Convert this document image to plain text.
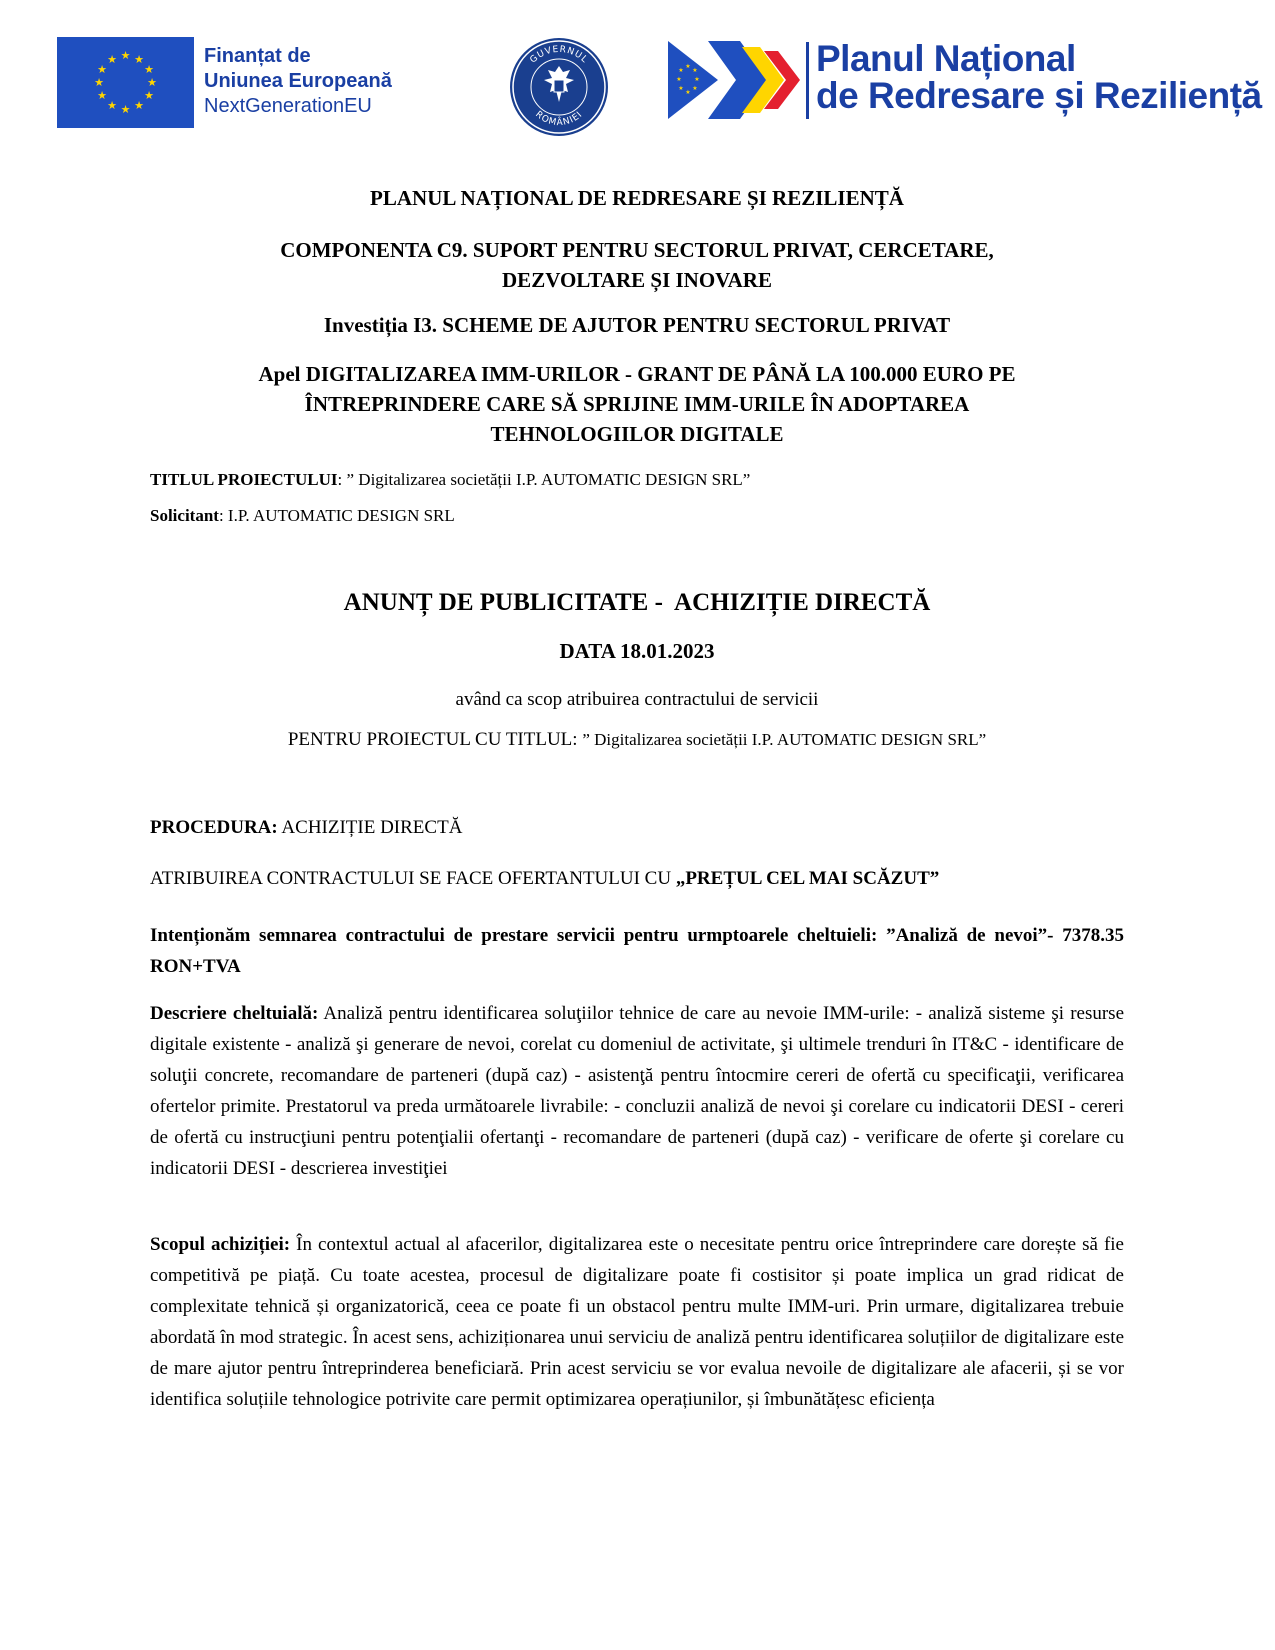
★ ★
★
★
★
★
★
★
★
★
★
★	Finanțat de
Uniunea Europeană
NextGenerationEU
GUVERNUL
ROMÂNIEI
★
★
★
★
★
★
★
★	Planul Național
de Redresare și Reziliență
PLANUL NAȚIONAL DE REDRESARE ȘI REZILIENȚĂ
COMPONENTA C9. SUPORT PENTRU SECTORUL PRIVAT, CERCETARE,
DEZVOLTARE ȘI INOVARE
Investiția I3. SCHEME DE AJUTOR PENTRU SECTORUL PRIVAT
Apel DIGITALIZAREA IMM-URILOR - GRANT DE PÂNĂ LA 100.000 EURO PE
ÎNTREPRINDERE CARE SĂ SPRIJINE IMM-URILE ÎN ADOPTAREA
TEHNOLOGIILOR DIGITALE
TITLUL PROIECTULUI: ” Digitalizarea societății I.P. AUTOMATIC DESIGN SRL”
Solicitant: I.P. AUTOMATIC DESIGN SRL
ANUNȚ DE PUBLICITATE -  ACHIZIȚIE DIRECTĂ
DATA 18.01.2023
având ca scop atribuirea contractului de servicii
PENTRU PROIECTUL CU TITLUL: ” Digitalizarea societății I.P. AUTOMATIC DESIGN SRL”
PROCEDURA: ACHIZIȚIE DIRECTĂ
ATRIBUIREA CONTRACTULUI SE FACE OFERTANTULUI CU „PREȚUL CEL MAI SCĂZUT”
Intenționăm semnarea contractului de prestare servicii pentru urmptoarele cheltuieli: ”Analiză de nevoi”- 7378.35 RON+TVA
Descriere cheltuială: Analiză pentru identificarea soluţiilor tehnice de care au nevoie IMM-urile: - analiză sisteme şi resurse digitale existente - analiză şi generare de nevoi, corelat cu domeniul de activitate, şi ultimele trenduri în IT&C - identificare de soluţii concrete, recomandare de parteneri (după caz) - asistenţă pentru întocmire cereri de ofertă cu specificaţii, verificarea ofertelor primite. Prestatorul va preda următoarele livrabile: - concluzii analiză de nevoi şi corelare cu indicatorii DESI - cereri de ofertă cu instrucţiuni pentru potenţialii ofertanţi - recomandare de parteneri (după caz) - verificare de oferte şi corelare cu indicatorii DESI - descrierea investiţiei
Scopul achiziției: În contextul actual al afacerilor, digitalizarea este o necesitate pentru orice întreprindere care dorește să fie competitivă pe piață. Cu toate acestea, procesul de digitalizare poate fi costisitor și poate implica un grad ridicat de complexitate tehnică și organizatorică, ceea ce poate fi un obstacol pentru multe IMM-uri. Prin urmare, digitalizarea trebuie abordată în mod strategic. În acest sens, achiziționarea unui serviciu de analiză pentru identificarea soluțiilor de digitalizare este de mare ajutor pentru întreprinderea beneficiară. Prin acest serviciu se vor evalua nevoile de digitalizare ale afacerii, și se vor identifica soluțiile tehnologice potrivite care permit optimizarea operațiunilor, și îmbunătățesc eficiența
